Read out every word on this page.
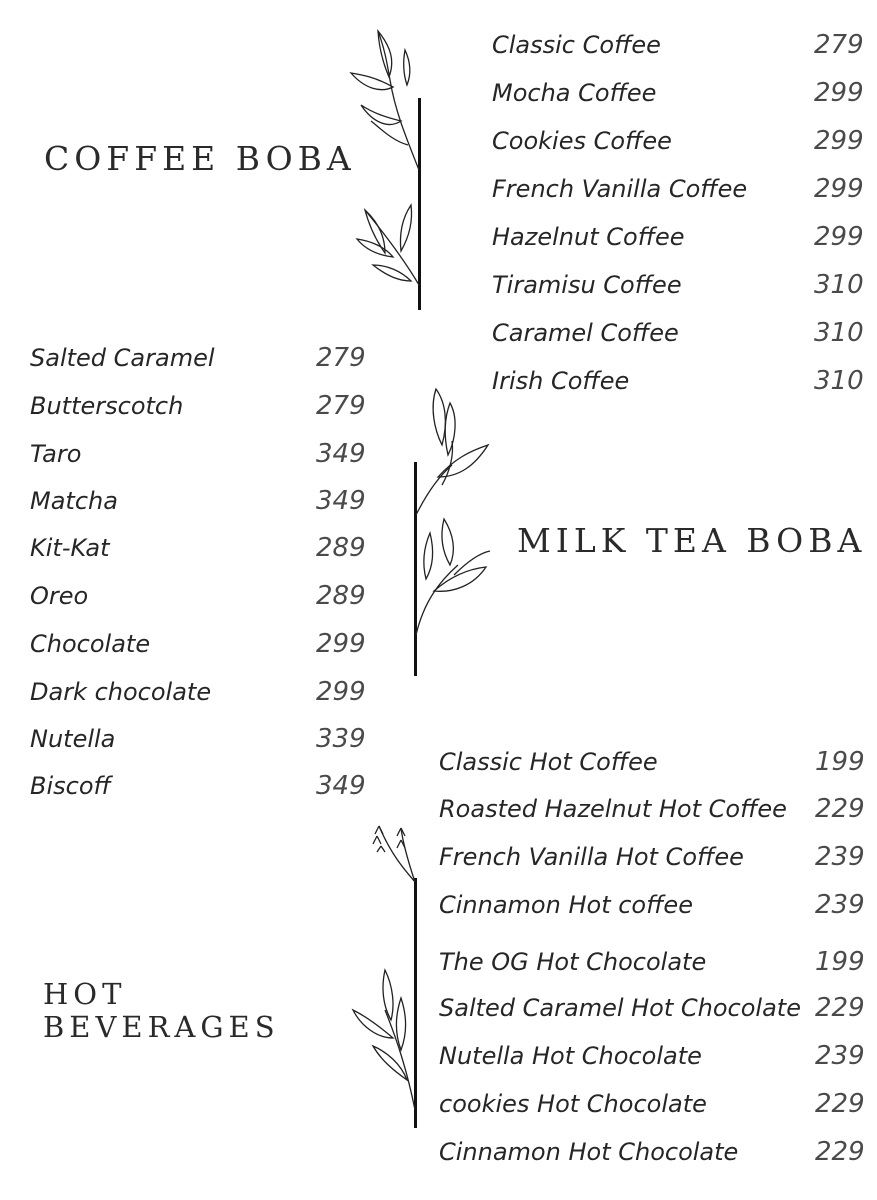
COFFEE BOBA
Classic Coffee	279
Mocha Coffee	299
Cookies Coffee	299
French Vanilla Coffee	299
Hazelnut Coffee	299
Tiramisu Coffee	310
Caramel Coffee	310
Irish Coffee	310
Salted Caramel	279
Butterscotch	279
Taro	349
Matcha	349
Kit-Kat	289
Oreo	289
Chocolate	299
Dark chocolate	299
Nutella	339
Biscoff	349
MILK TEA BOBA
HOT
BEVERAGES
Classic Hot Coffee	199
Roasted Hazelnut Hot Coffee 229
French Vanilla Hot Coffee	239
Cinnamon Hot coffee	239
The OG Hot Chocolate	199
Salted Caramel Hot Chocolate 229
Nutella Hot Chocolate	239
cookies Hot Chocolate	229
Cinnamon Hot Chocolate	229
